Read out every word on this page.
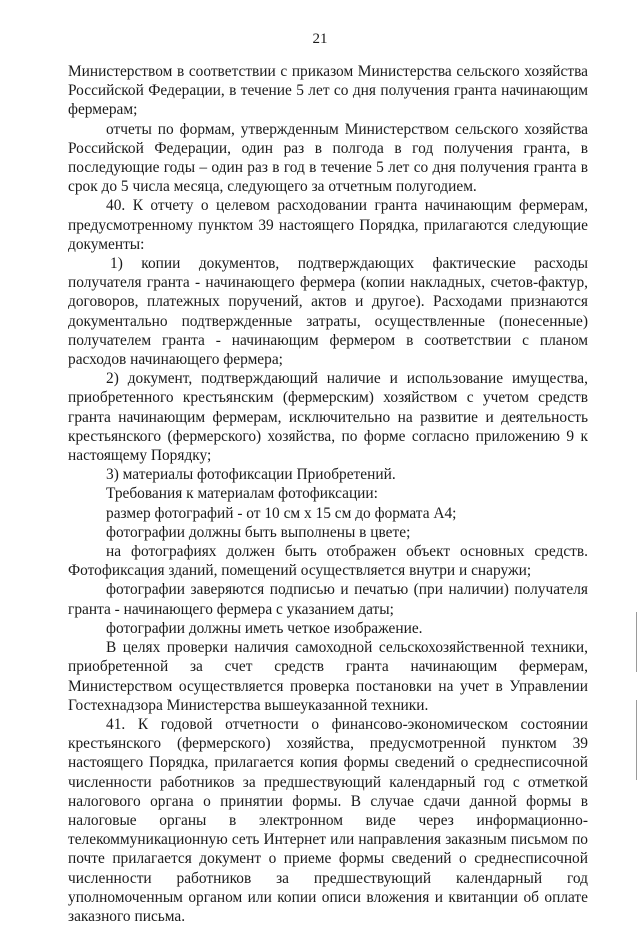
21

Министерством в соответствии с приказом Министерства сельского хозяйства Российской Федерации, в течение 5 лет со дня получения гранта начинающим фермерам;

отчеты по формам, утвержденным Министерством сельского хозяйства Российской Федерации, один раз в полгода в год получения гранта, в последующие годы – один раз в год в течение 5 лет со дня получения гранта в срок до 5 числа месяца, следующего за отчетным полугодием.

40. К отчету о целевом расходовании гранта начинающим фермерам, предусмотренному пунктом 39 настоящего Порядка, прилагаются следующие документы:

1) копии документов, подтверждающих фактические расходы получателя гранта - начинающего фермера (копии накладных, счетов-фактур, договоров, платежных поручений, актов и другое). Расходами признаются документально подтвержденные затраты, осуществленные (понесенные) получателем гранта - начинающим фермером в соответствии с планом расходов начинающего фермера;

2) документ, подтверждающий наличие и использование имущества, приобретенного крестьянским (фермерским) хозяйством с учетом средств гранта начинающим фермерам, исключительно на развитие и деятельность крестьянского (фермерского) хозяйства, по форме согласно приложению 9 к настоящему Порядку;

3) материалы фотофиксации Приобретений.

Требования к материалам фотофиксации:

размер фотографий - от 10 см х 15 см до формата А4;

фотографии должны быть выполнены в цвете;

на фотографиях должен быть отображен объект основных средств. Фотофиксация зданий, помещений осуществляется внутри и снаружи;

фотографии заверяются подписью и печатью (при наличии) получателя гранта - начинающего фермера с указанием даты;

фотографии должны иметь четкое изображение.

В целях проверки наличия самоходной сельскохозяйственной техники, приобретенной за счет средств гранта начинающим фермерам, Министерством осуществляется проверка постановки на учет в Управлении Гостехнадзора Министерства вышеуказанной техники.

41. К годовой отчетности о финансово-экономическом состоянии крестьянского (фермерского) хозяйства, предусмотренной пунктом 39 настоящего Порядка, прилагается копия формы сведений о среднесписочной численности работников за предшествующий календарный год с отметкой налогового органа о принятии формы. В случае сдачи данной формы в налоговые органы в электронном виде через информационно-телекоммуникационную сеть Интернет или направления заказным письмом по почте прилагается документ о приеме формы сведений о среднесписочной численности работников за предшествующий календарный год уполномоченным органом или копии описи вложения и квитанции об оплате заказного письма.
